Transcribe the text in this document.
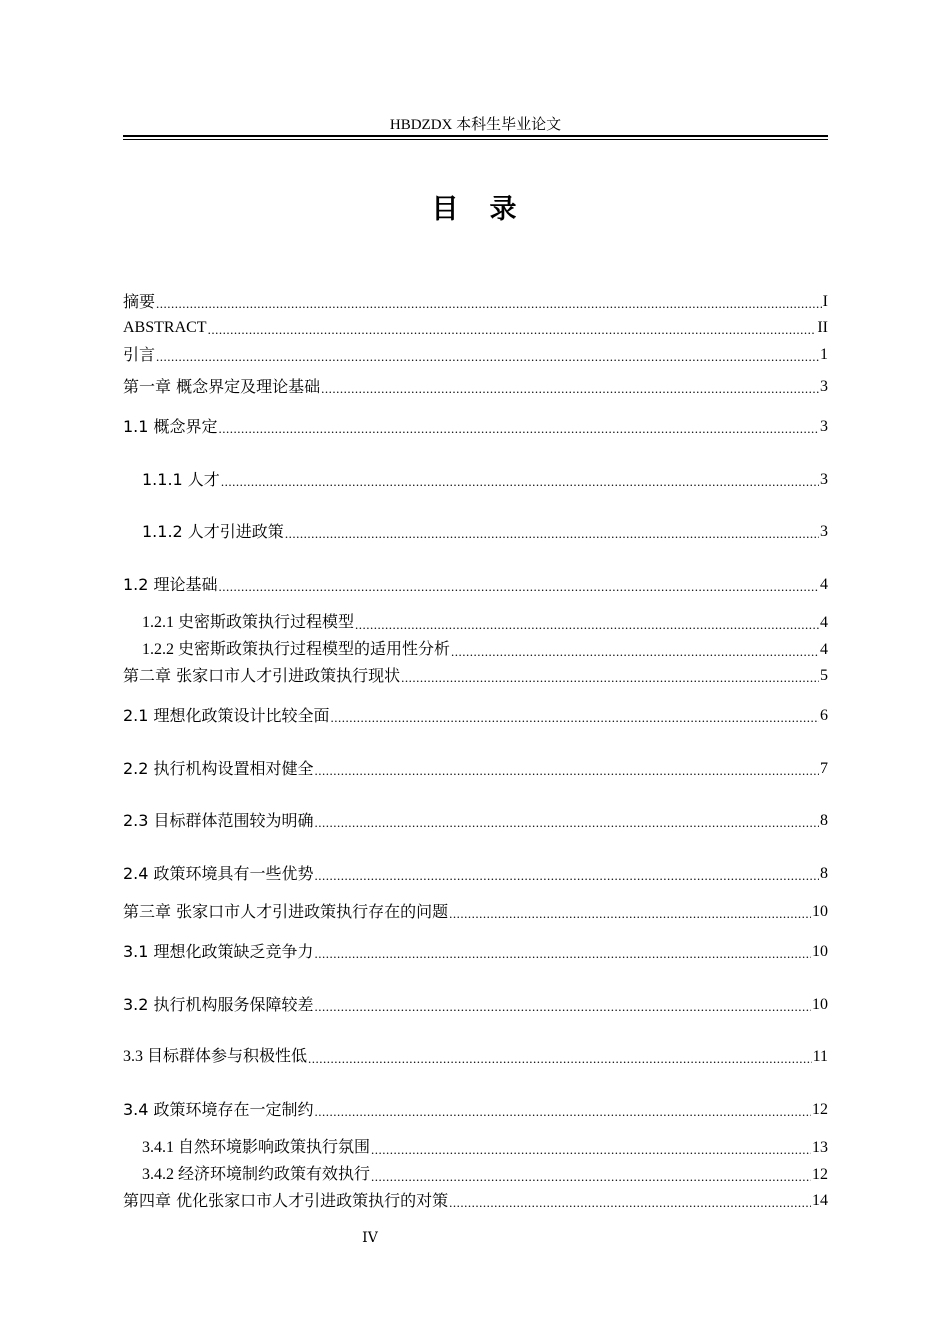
HBDZDX 本科生毕业论文
目　录
摘要 .....	I
ABSTRACT .....	II
引言 .....	1
第一章 概念界定及理论基础 .....	3
1.1 概念界定 .....	3
1.1.1 人才 .....	3
1.1.2 人才引进政策 .....	3
1.2 理论基础 .....	4
1.2.1 史密斯政策执行过程模型 .....	4
1.2.2 史密斯政策执行过程模型的适用性分析 .....	4
第二章 张家口市人才引进政策执行现状 .....	5
2.1 理想化政策设计比较全面 .....	6
2.2 执行机构设置相对健全 .....	7
2.3 目标群体范围较为明确 .....	8
2.4 政策环境具有一些优势 .....	8
第三章 张家口市人才引进政策执行存在的问题 .....	10
3.1 理想化政策缺乏竞争力 .....	10
3.2 执行机构服务保障较差 .....	10
3.3 目标群体参与积极性低 .....	11
3.4 政策环境存在一定制约 .....	12
3.4.1 自然环境影响政策执行氛围 .....	13
3.4.2 经济环境制约政策有效执行 .....	12
第四章 优化张家口市人才引进政策执行的对策 .....	14
IV
